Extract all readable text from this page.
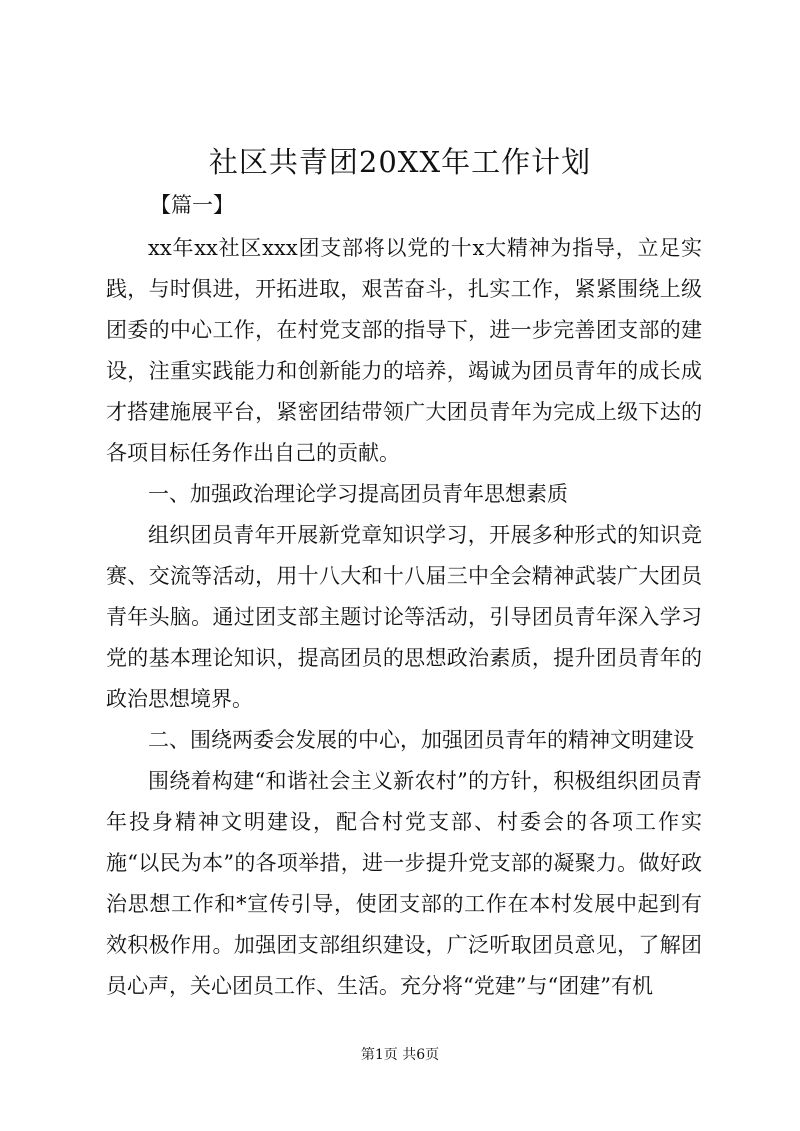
社区共青团20XX年工作计划
【篇一】

xx年xx社区xxx团支部将以党的十x大精神为指导，立足实践，与时俱进，开拓进取，艰苦奋斗，扎实工作，紧紧围绕上级团委的中心工作，在村党支部的指导下，进一步完善团支部的建设，注重实践能力和创新能力的培养，竭诚为团员青年的成长成才搭建施展平台，紧密团结带领广大团员青年为完成上级下达的各项目标任务作出自己的贡献。

一、加强政治理论学习提高团员青年思想素质

组织团员青年开展新党章知识学习，开展多种形式的知识竞赛、交流等活动，用十八大和十八届三中全会精神武装广大团员青年头脑。通过团支部主题讨论等活动，引导团员青年深入学习党的基本理论知识，提高团员的思想政治素质，提升团员青年的政治思想境界。

二、围绕两委会发展的中心，加强团员青年的精神文明建设

围绕着构建“和谐社会主义新农村”的方针，积极组织团员青年投身精神文明建设，配合村党支部、村委会的各项工作实施“以民为本”的各项举措，进一步提升党支部的凝聚力。做好政治思想工作和*宣传引导，使团支部的工作在本村发展中起到有效积极作用。加强团支部组织建设，广泛听取团员意见，了解团员心声，关心团员工作、生活。充分将“党建”与“团建”有机

第1页 共6页
